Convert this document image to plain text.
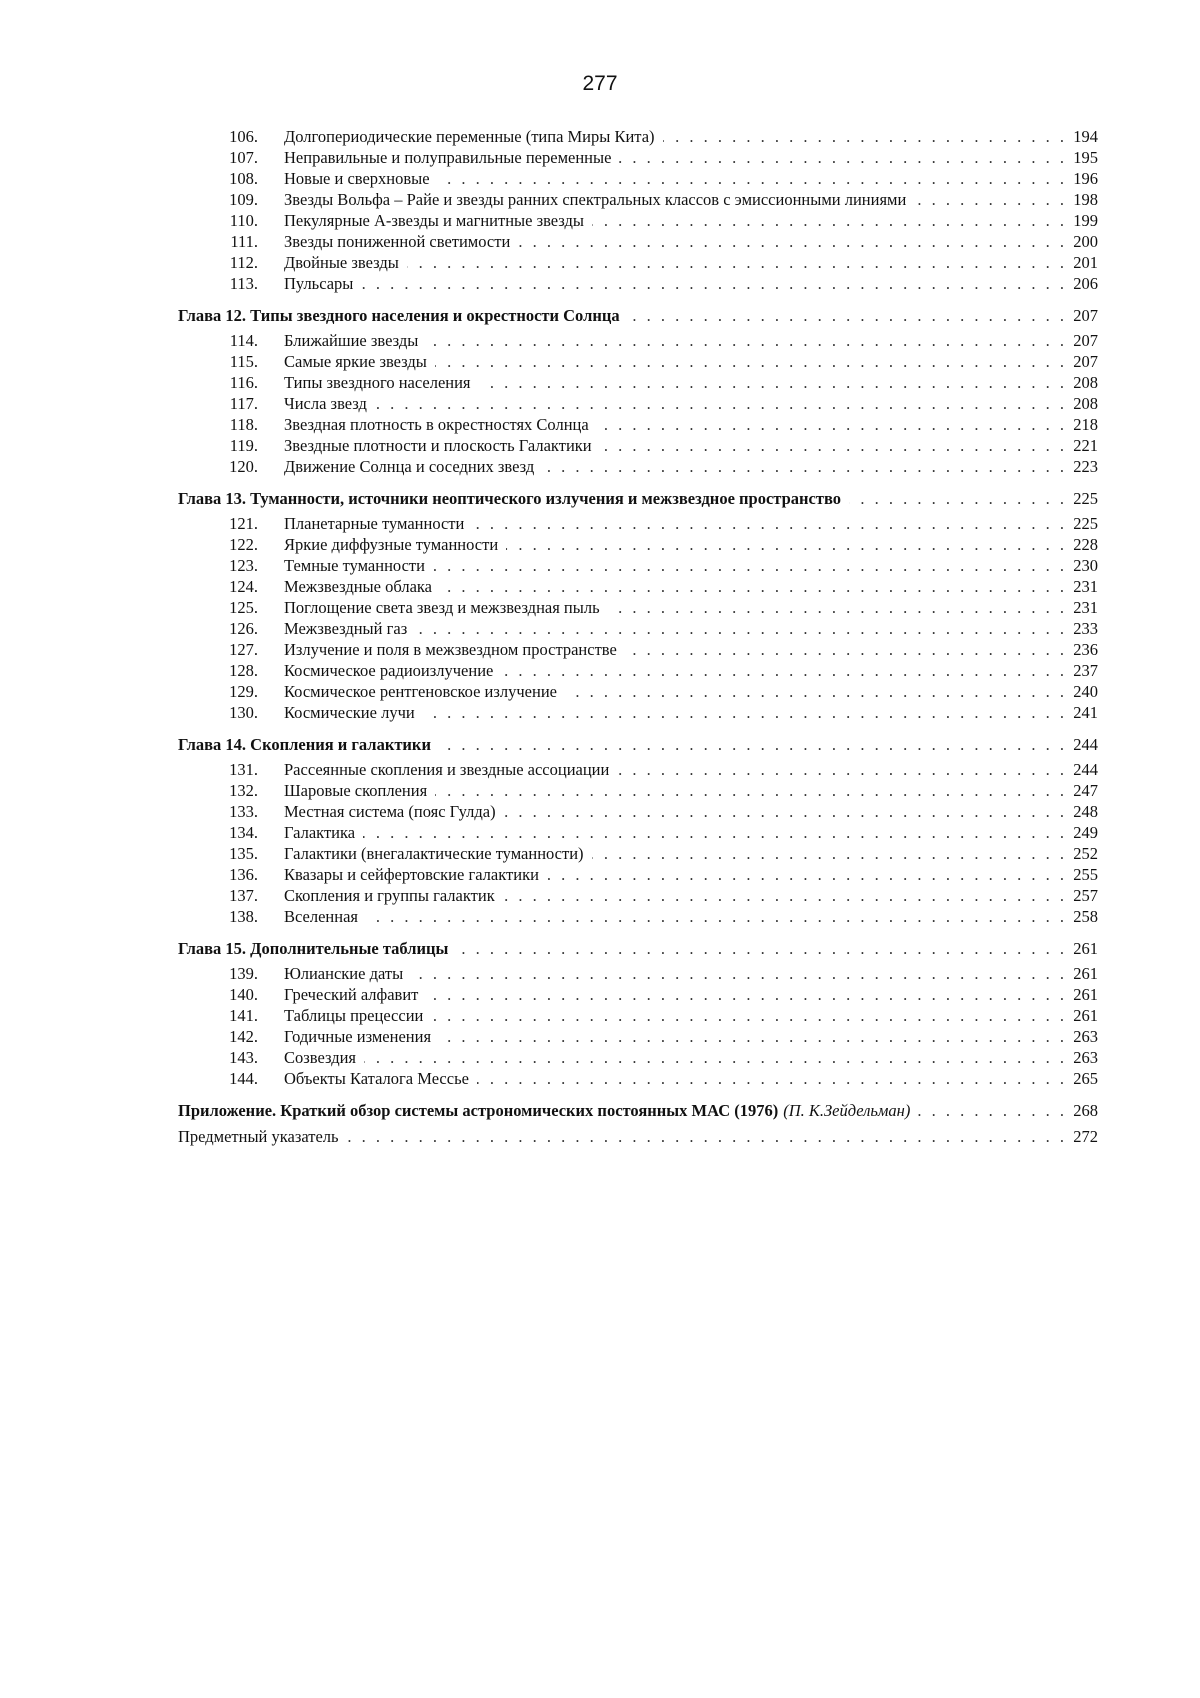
277
106.	Долгопериодические переменные (типа Миры Кита) . . .	194
107.	Неправильные и полуправильные переменные . . .	195
108.	Новые и сверхновые . . .	196
109.	Звезды Вольфа – Райе и звезды ранних спектральных классов с эмиссионными линиями . . .	198
110.	Пекулярные А-звезды и магнитные звезды . . .	199
111.	Звезды пониженной светимости . . .	200
112.	Двойные звезды . . .	201
113.	Пульсары . . .	206
Глава 12. Типы звездного населения и окрестности Солнца . . .	207
114.	Ближайшие звезды . . .	207
115.	Самые яркие звезды . . .	207
116.	Типы звездного населения . . .	208
117.	Числа звезд . . .	208
118.	Звездная плотность в окрестностях Солнца . . .	218
119.	Звездные плотности и плоскость Галактики . . .	221
120.	Движение Солнца и соседних звезд . . .	223
Глава 13. Туманности, источники неоптического излучения и межзвездное пространство . . .	225
121.	Планетарные туманности . . .	225
122.	Яркие диффузные туманности . . .	228
123.	Темные туманности . . .	230
124.	Межзвездные облака . . .	231
125.	Поглощение света звезд и межзвездная пыль . . .	231
126.	Межзвездный газ . . .	233
127.	Излучение и поля в межзвездном пространстве . . .	236
128.	Космическое радиоизлучение . . .	237
129.	Космическое рентгеновское излучение . . .	240
130.	Космические лучи . . .	241
Глава 14. Скопления и галактики . . .	244
131.	Рассеянные скопления и звездные ассоциации . . .	244
132.	Шаровые скопления . . .	247
133.	Местная система (пояс Гулда) . . .	248
134.	Галактика . . .	249
135.	Галактики (внегалактические туманности) . . .	252
136.	Квазары и сейфертовские галактики . . .	255
137.	Скопления и группы галактик . . .	257
138.	Вселенная . . .	258
Глава 15. Дополнительные таблицы . . .	261
139.	Юлианские даты . . .	261
140.	Греческий алфавит . . .	261
141.	Таблицы прецессии . . .	261
142.	Годичные изменения . . .	263
143.	Созвездия . . .	263
144.	Объекты Каталога Мессье . . .	265
Приложение. Краткий обзор системы астрономических постоянных МАС (1976) (П. К.Зейдельман) . . .	268
Предметный указатель . . .	272
